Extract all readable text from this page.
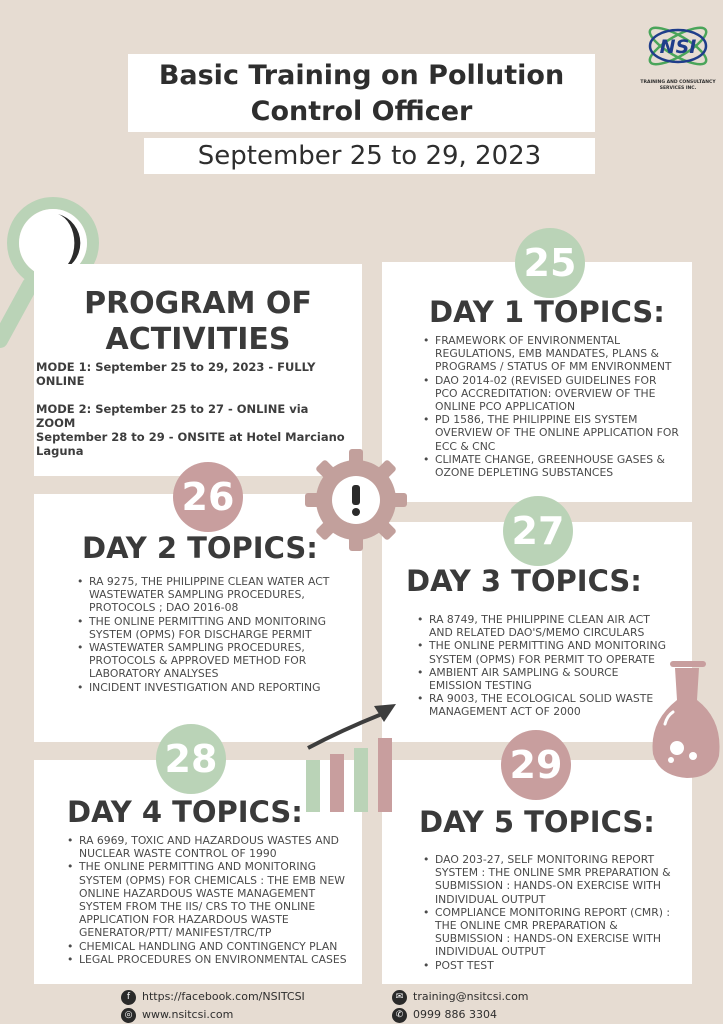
NSI
TRAINING AND CONSULTANCY
SERVICES INC.
Basic Training on Pollution
Control Officer
September 25 to 29, 2023
PROGRAM OF
ACTIVITIES

MODE 1: September 25 to 29, 2023 - FULLY

ONLINE

MODE 2: September 25 to 27 - ONLINE via

ZOOM

September 28 to 29 - ONSITE at Hotel Marciano

Laguna

25
26
27
28	29
DAY 1 TOPICS:
DAY 2 TOPICS:
DAY 3 TOPICS:
DAY 4 TOPICS:	DAY 5 TOPICS:
• FRAMEWORK OF ENVIRONMENTAL REGULATIONS, EMB MANDATES, PLANS & PROGRAMS / STATUS OF MM ENVIRONMENT
• DAO 2014-02 (REVISED GUIDELINES FOR PCO ACCREDITATION: OVERVIEW OF THE ONLINE PCO APPLICATION
• PD 1586, THE PHILIPPINE EIS SYSTEM OVERVIEW OF THE ONLINE APPLICATION FOR ECC & CNC
• CLIMATE CHANGE, GREENHOUSE GASES & OZONE DEPLETING SUBSTANCES
• RA 9275, THE PHILIPPINE CLEAN WATER ACT WASTEWATER SAMPLING PROCEDURES, PROTOCOLS ; DAO 2016-08
• THE ONLINE PERMITTING AND MONITORING SYSTEM (OPMS) FOR DISCHARGE PERMIT
• WASTEWATER SAMPLING PROCEDURES, PROTOCOLS & APPROVED METHOD FOR LABORATORY ANALYSES
• INCIDENT INVESTIGATION AND REPORTING
• RA 8749, THE PHILIPPINE CLEAN AIR ACT AND RELATED DAO'S/MEMO CIRCULARS
• THE ONLINE PERMITTING AND MONITORING SYSTEM (OPMS) FOR PERMIT TO OPERATE
• AMBIENT AIR SAMPLING & SOURCE EMISSION TESTING
• RA 9003, THE ECOLOGICAL SOLID WASTE MANAGEMENT ACT OF 2000
• RA 6969, TOXIC AND HAZARDOUS WASTES AND NUCLEAR WASTE CONTROL OF 1990
• THE ONLINE PERMITTING AND MONITORING SYSTEM (OPMS) FOR CHEMICALS : THE EMB NEW ONLINE HAZARDOUS WASTE MANAGEMENT SYSTEM FROM THE IIS/ CRS TO THE ONLINE APPLICATION FOR HAZARDOUS WASTE GENERATOR/PTT/ MANIFEST/TRC/TP
• CHEMICAL HANDLING AND CONTINGENCY PLAN
• LEGAL PROCEDURES ON ENVIRONMENTAL CASES
• DAO 203-27, SELF MONITORING REPORT SYSTEM : THE ONLINE SMR PREPARATION & SUBMISSION : HANDS-ON EXERCISE WITH INDIVIDUAL OUTPUT
• COMPLIANCE MONITORING REPORT (CMR) : THE ONLINE CMR PREPARATION & SUBMISSION : HANDS-ON EXERCISE WITH INDIVIDUAL OUTPUT
• POST TEST
f https://facebook.com/NSITCSI
◎ www.nsitcsi.com
✉ training@nsitcsi.com
✆ 0999 886 3304
